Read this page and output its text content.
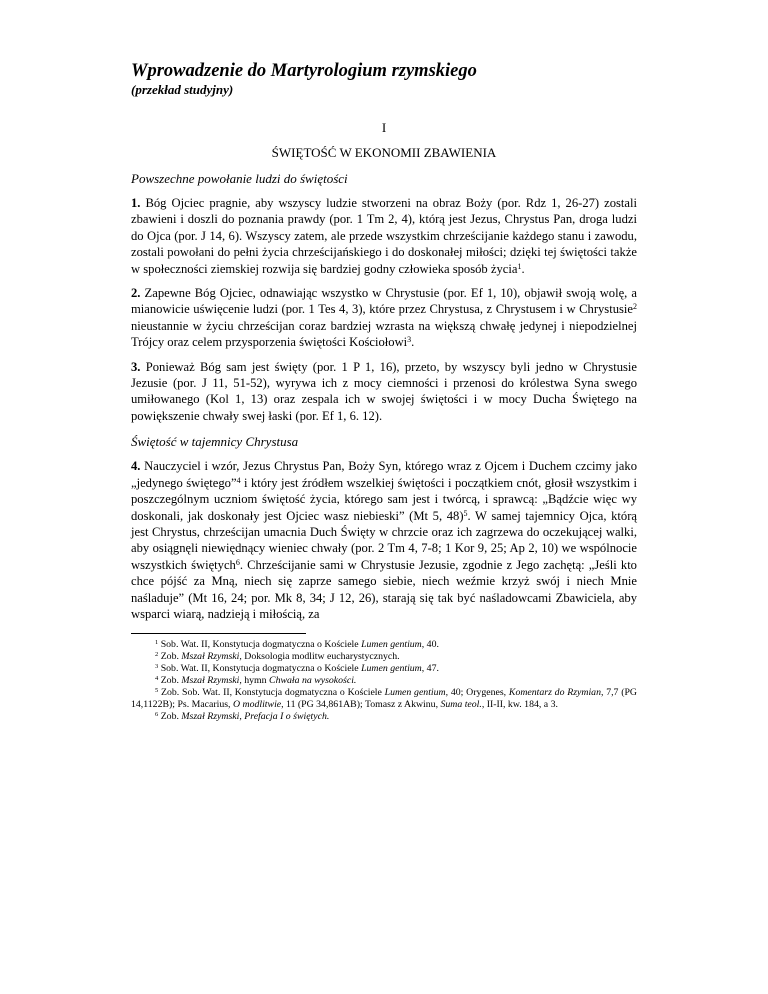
Wprowadzenie do Martyrologium rzymskiego
(przekład studyjny)
I
ŚWIĘTOŚĆ W EKONOMII ZBAWIENIA
Powszechne powołanie ludzi do świętości

1. Bóg Ojciec pragnie, aby wszyscy ludzie stworzeni na obraz Boży (por. Rdz 1, 26-27) zostali zbawieni i doszli do poznania prawdy (por. 1 Tm 2, 4), którą jest Jezus, Chrystus Pan, droga ludzi do Ojca (por. J 14, 6). Wszyscy zatem, ale przede wszystkim chrześcijanie każdego stanu i zawodu, zostali powołani do pełni życia chrześcijańskiego i do doskonałej miłości; dzięki tej świętości także w społeczności ziemskiej rozwija się bardziej godny człowieka sposób życia$^1$.

2. Zapewne Bóg Ojciec, odnawiając wszystko w Chrystusie (por. Ef 1, 10), objawił swoją wolę, a mianowicie uświęcenie ludzi (por. 1 Tes 4, 3), które przez Chrystusa, z Chrystusem i w Chrystusie$^2$ nieustannie w życiu chrześcijan coraz bardziej wzrasta na większą chwałę jedynej i niepodzielnej Trójcy oraz celem przysporzenia świętości Kościołowi$^3$.

3. Ponieważ Bóg sam jest święty (por. 1 P 1, 16), przeto, by wszyscy byli jedno w Chrystusie Jezusie (por. J 11, 51-52), wyrywa ich z mocy ciemności i przenosi do królestwa Syna swego umiłowanego (Kol 1, 13) oraz zespala ich w swojej świętości i w mocy Ducha Świętego na powiększenie chwały swej łaski (por. Ef 1, 6. 12).

Świętość w tajemnicy Chrystusa

4. Nauczyciel i wzór, Jezus Chrystus Pan, Boży Syn, którego wraz z Ojcem i Duchem czcimy jako „jedynego świętego”$^4$ i który jest źródłem wszelkiej świętości i początkiem cnót, głosił wszystkim i poszczególnym uczniom świętość życia, którego sam jest i twórcą, i sprawcą: „Bądźcie więc wy doskonali, jak doskonały jest Ojciec wasz niebieski” (Mt 5, 48)$^5$. W samej tajemnicy Ojca, którą jest Chrystus, chrześcijan umacnia Duch Święty w chrzcie oraz ich zagrzewa do oczekującej walki, aby osiągnęli niewiędnący wieniec chwały (por. 2 Tm 4, 7-8; 1 Kor 9, 25; Ap 2, 10) we wspólnocie wszystkich świętych$^6$. Chrześcijanie sami w Chrystusie Jezusie, zgodnie z Jego zachętą: „Jeśli kto chce pójść za Mną, niech się zaprze samego siebie, niech weźmie krzyż swój i niech Mnie naśladuje” (Mt 16, 24; por. Mk 8, 34; J 12, 26), starają się tak być naśladowcami Zbawiciela, aby wsparci wiarą, nadzieją i miłością, za

$^1$ Sob. Wat. II, Konstytucja dogmatyczna o Kościele Lumen gentium, 40.

$^2$ Zob. Mszał Rzymski, Doksologia modlitw eucharystycznych.

$^3$ Sob. Wat. II, Konstytucja dogmatyczna o Kościele Lumen gentium, 47.

$^4$ Zob. Mszał Rzymski, hymn Chwała na wysokości.

$^5$ Zob. Sob. Wat. II, Konstytucja dogmatyczna o Kościele Lumen gentium, 40; Orygenes, Komentarz do Rzymian, 7,7 (PG 14,1122B); Ps. Macarius, O modlitwie, 11 (PG 34,861AB); Tomasz z Akwinu, Suma teol., II-II, kw. 184, a 3.

$^6$ Zob. Mszał Rzymski, Prefacja I o świętych.
